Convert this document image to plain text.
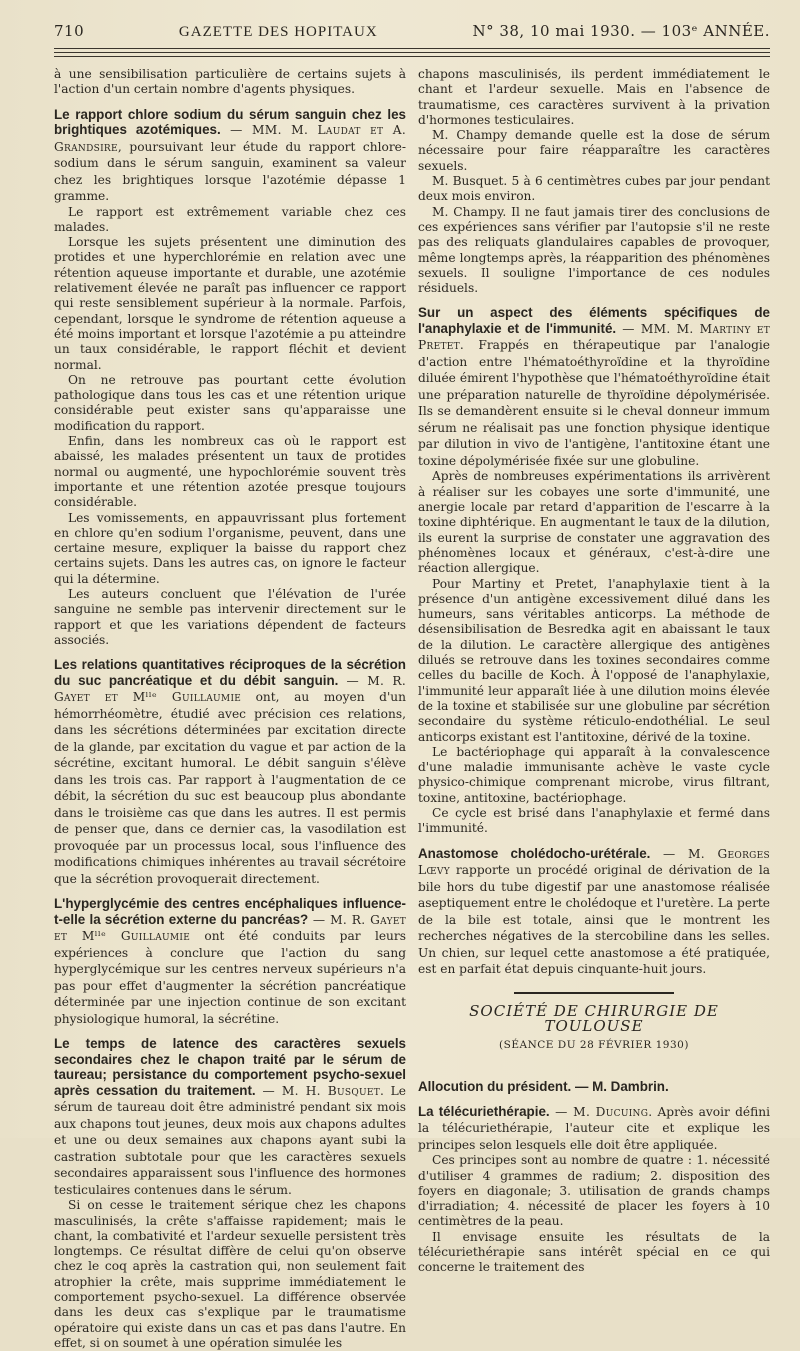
710	GAZETTE DES HOPITAUX	N° 38, 10 mai 1930. — 103ᵉ ANNÉE.

à une sensibilisation particulière de certains sujets à l'action d'un certain nombre d'agents physiques.

Le rapport chlore sodium du sérum sanguin chez les brightiques azotémiques. — MM. M. Laudat et A. Grandsire, poursuivant leur étude du rapport chlore-sodium dans le sérum sanguin, examinent sa valeur chez les brightiques lorsque l'azotémie dépasse 1 gramme.

Le rapport est extrêmement variable chez ces malades.

Lorsque les sujets présentent une diminution des protides et une hyperchlorémie en relation avec une rétention aqueuse importante et durable, une azotémie relativement élevée ne paraît pas influencer ce rapport qui reste sensiblement supérieur à la normale. Parfois, cependant, lorsque le syndrome de rétention aqueuse a été moins important et lorsque l'azotémie a pu atteindre un taux considérable, le rapport fléchit et devient normal.

On ne retrouve pas pourtant cette évolution pathologique dans tous les cas et une rétention urique considérable peut exister sans qu'apparaisse une modification du rapport.

Enfin, dans les nombreux cas où le rapport est abaissé, les malades présentent un taux de protides normal ou augmenté, une hypochlorémie souvent très importante et une rétention azotée presque toujours considérable.

Les vomissements, en appauvrissant plus fortement en chlore qu'en sodium l'organisme, peuvent, dans une certaine mesure, expliquer la baisse du rapport chez certains sujets. Dans les autres cas, on ignore le facteur qui la détermine.

Les auteurs concluent que l'élévation de l'urée sanguine ne semble pas intervenir directement sur le rapport et que les variations dépendent de facteurs associés.

Les relations quantitatives réciproques de la sécrétion du suc pancréatique et du débit sanguin. — M. R. Gayet et Mˡˡᵉ Guillaumie ont, au moyen d'un hémorrhéomètre, étudié avec précision ces relations, dans les sécrétions déterminées par excitation directe de la glande, par excitation du vague et par action de la sécrétine, excitant humoral. Le débit sanguin s'élève dans les trois cas. Par rapport à l'augmentation de ce débit, la sécrétion du suc est beaucoup plus abondante dans le troisième cas que dans les autres. Il est permis de penser que, dans ce dernier cas, la vasodilation est provoquée par un processus local, sous l'influence des modifications chimiques inhérentes au travail sécrétoire que la sécrétion provoquerait directement.
L'hyperglycémie des centres encéphaliques influence-t-elle la sécrétion externe du pancréas? — M. R. Gayet et Mˡˡᵉ Guillaumie ont été conduits par leurs expériences à conclure que l'action du sang hyperglycémique sur les centres nerveux supérieurs n'a pas pour effet d'augmenter la sécrétion pancréatique déterminée par une injection continue de son excitant physiologique humoral, la sécrétine.
Le temps de latence des caractères sexuels secondaires chez le chapon traité par le sérum de taureau; persistance du comportement psycho-sexuel après cessation du traitement. — M. H. Busquet. Le sérum de taureau doit être administré pendant six mois aux chapons tout jeunes, deux mois aux chapons adultes et une ou deux semaines aux chapons ayant subi la castration subtotale pour que les caractères sexuels secondaires apparaissent sous l'influence des hormones testiculaires contenues dans le sérum.

Si on cesse le traitement sérique chez les chapons masculinisés, la crête s'affaisse rapidement; mais le chant, la combativité et l'ardeur sexuelle persistent très longtemps. Ce résultat diffère de celui qu'on observe chez le coq après la castration qui, non seulement fait atrophier la crête, mais supprime immédiatement le comportement psycho-sexuel. La différence observée dans les deux cas s'explique par le traumatisme opératoire qui existe dans un cas et pas dans l'autre. En effet, si on soumet à une opération simulée les

chapons masculinisés, ils perdent immédiatement le chant et l'ardeur sexuelle. Mais en l'absence de traumatisme, ces caractères survivent à la privation d'hormones testiculaires.

M. Champy demande quelle est la dose de sérum nécessaire pour faire réapparaître les caractères sexuels.

M. Busquet. 5 à 6 centimètres cubes par jour pendant deux mois environ.

M. Champy. Il ne faut jamais tirer des conclusions de ces expériences sans vérifier par l'autopsie s'il ne reste pas des reliquats glandulaires capables de provoquer, même longtemps après, la réapparition des phénomènes sexuels. Il souligne l'importance de ces nodules résiduels.

Sur un aspect des éléments spécifiques de l'anaphylaxie et de l'immunité. — MM. M. Martiny et Pretet. Frappés en thérapeutique par l'analogie d'action entre l'hématoéthyroïdine et la thyroïdine diluée émirent l'hypothèse que l'hématoéthyroïdine était une préparation naturelle de thyroïdine dépolymérisée. Ils se demandèrent ensuite si le cheval donneur immum sérum ne réalisait pas une fonction physique identique par dilution in vivo de l'antigène, l'antitoxine étant une toxine dépolymérisée fixée sur une globuline.

Après de nombreuses expérimentations ils arrivèrent à réaliser sur les cobayes une sorte d'immunité, une anergie locale par retard d'apparition de l'escarre à la toxine diphtérique. En augmentant le taux de la dilution, ils eurent la surprise de constater une aggravation des phénomènes locaux et généraux, c'est-à-dire une réaction allergique.

Pour Martiny et Pretet, l'anaphylaxie tient à la présence d'un antigène excessivement dilué dans les humeurs, sans véritables anticorps. La méthode de désensibilisation de Besredka agit en abaissant le taux de la dilution. Le caractère allergique des antigènes dilués se retrouve dans les toxines secondaires comme celles du bacille de Koch. À l'opposé de l'anaphylaxie, l'immunité leur apparaît liée à une dilution moins élevée de la toxine et stabilisée sur une globuline par sécrétion secondaire du système réticulo-endothélial. Le seul anticorps existant est l'antitoxine, dérivé de la toxine.

Le bactériophage qui apparaît à la convalescence d'une maladie immunisante achève le vaste cycle physico-chimique comprenant microbe, virus filtrant, toxine, antitoxine, bactériophage.

Ce cycle est brisé dans l'anaphylaxie et fermé dans l'immunité.

Anastomose cholédocho-urétérale. — M. Georges Lœvy rapporte un procédé original de dérivation de la bile hors du tube digestif par une anastomose réalisée aseptiquement entre le cholédoque et l'uretère. La perte de la bile est totale, ainsi que le montrent les recherches négatives de la stercobiline dans les selles. Un chien, sur lequel cette anastomose a été pratiquée, est en parfait état depuis cinquante-huit jours.
SOCIÉTÉ DE CHIRURGIE DE TOULOUSE
(SÉANCE DU 28 FÉVRIER 1930)
Allocution du président. — M. Dambrin.
La télécuriethérapie. — M. Ducuing. Après avoir défini la télécuriethérapie, l'auteur cite et explique les principes selon lesquels elle doit être appliquée.

Ces principes sont au nombre de quatre : 1. nécessité d'utiliser 4 grammes de radium; 2. disposition des foyers en diagonale; 3. utilisation de grands champs d'irradiation; 4. nécessité de placer les foyers à 10 centimètres de la peau.

Il envisage ensuite les résultats de la télécuriethérapie sans intérêt spécial en ce qui concerne le traitement des
